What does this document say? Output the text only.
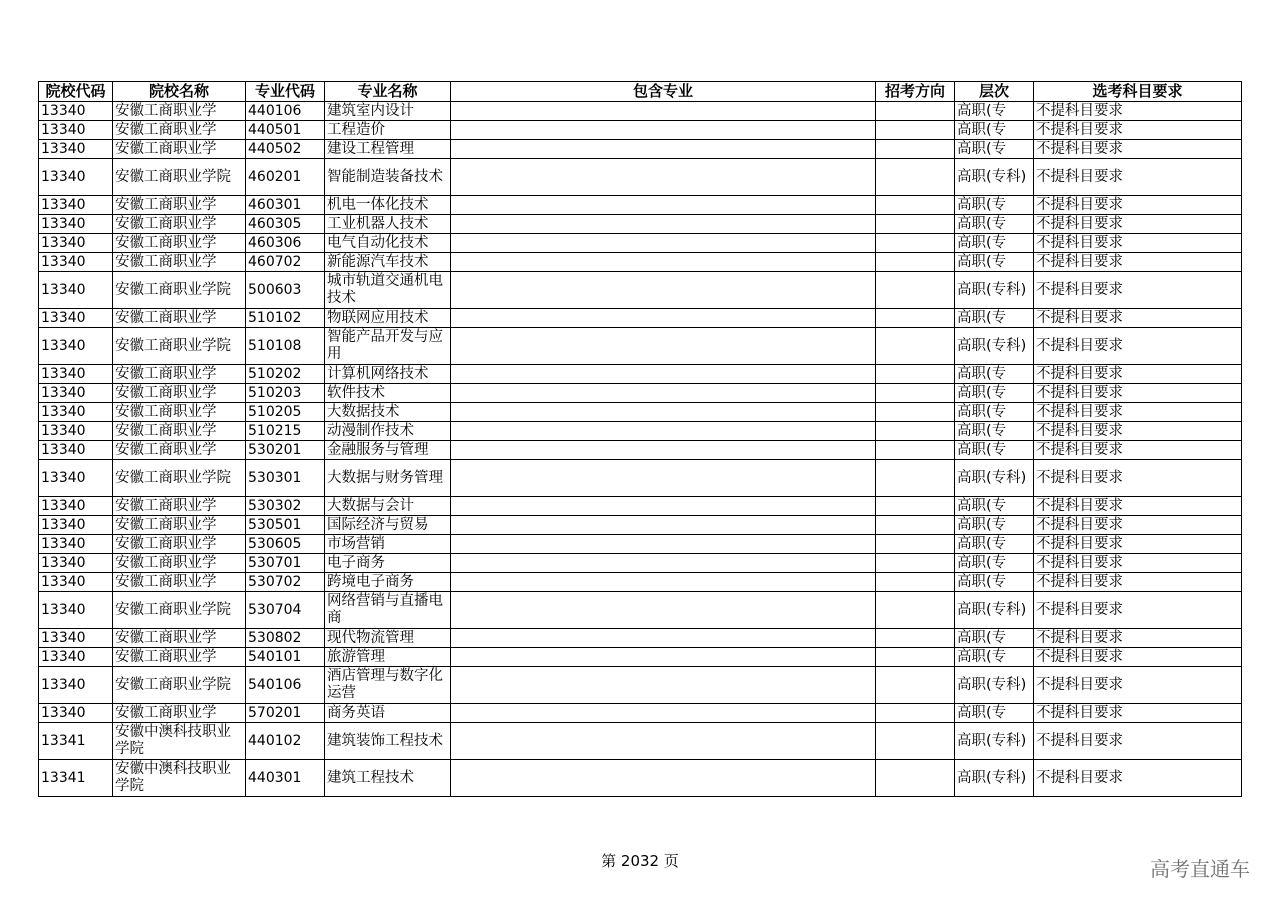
院校代码	院校名称	专业代码	专业名称	包含专业	招考方向	层次	选考科目要求
13340	安徽工商职业学	440106	建筑室内设计			高职(专	不提科目要求
13340	安徽工商职业学	440501	工程造价			高职(专	不提科目要求
13340	安徽工商职业学	440502	建设工程管理			高职(专	不提科目要求
13340	安徽工商职业学院	460201	智能制造装备技术			高职(专科)	不提科目要求
13340	安徽工商职业学	460301	机电一体化技术			高职(专	不提科目要求
13340	安徽工商职业学	460305	工业机器人技术			高职(专	不提科目要求
13340	安徽工商职业学	460306	电气自动化技术			高职(专	不提科目要求
13340	安徽工商职业学	460702	新能源汽车技术			高职(专	不提科目要求
13340	安徽工商职业学院	500603	城市轨道交通机电技术			高职(专科)	不提科目要求
13340	安徽工商职业学	510102	物联网应用技术			高职(专	不提科目要求
13340	安徽工商职业学院	510108	智能产品开发与应用			高职(专科)	不提科目要求
13340	安徽工商职业学	510202	计算机网络技术			高职(专	不提科目要求
13340	安徽工商职业学	510203	软件技术			高职(专	不提科目要求
13340	安徽工商职业学	510205	大数据技术			高职(专	不提科目要求
13340	安徽工商职业学	510215	动漫制作技术			高职(专	不提科目要求
13340	安徽工商职业学	530201	金融服务与管理			高职(专	不提科目要求
13340	安徽工商职业学院	530301	大数据与财务管理			高职(专科)	不提科目要求
13340	安徽工商职业学	530302	大数据与会计			高职(专	不提科目要求
13340	安徽工商职业学	530501	国际经济与贸易			高职(专	不提科目要求
13340	安徽工商职业学	530605	市场营销			高职(专	不提科目要求
13340	安徽工商职业学	530701	电子商务			高职(专	不提科目要求
13340	安徽工商职业学	530702	跨境电子商务			高职(专	不提科目要求
13340	安徽工商职业学院	530704	网络营销与直播电商			高职(专科)	不提科目要求
13340	安徽工商职业学	530802	现代物流管理			高职(专	不提科目要求
13340	安徽工商职业学	540101	旅游管理			高职(专	不提科目要求
13340	安徽工商职业学院	540106	酒店管理与数字化运营			高职(专科)	不提科目要求
13340	安徽工商职业学	570201	商务英语			高职(专	不提科目要求
13341	安徽中澳科技职业学院	440102	建筑装饰工程技术			高职(专科)	不提科目要求
13341	安徽中澳科技职业学院	440301	建筑工程技术			高职(专科)	不提科目要求
第 2032 页	高考直通车
